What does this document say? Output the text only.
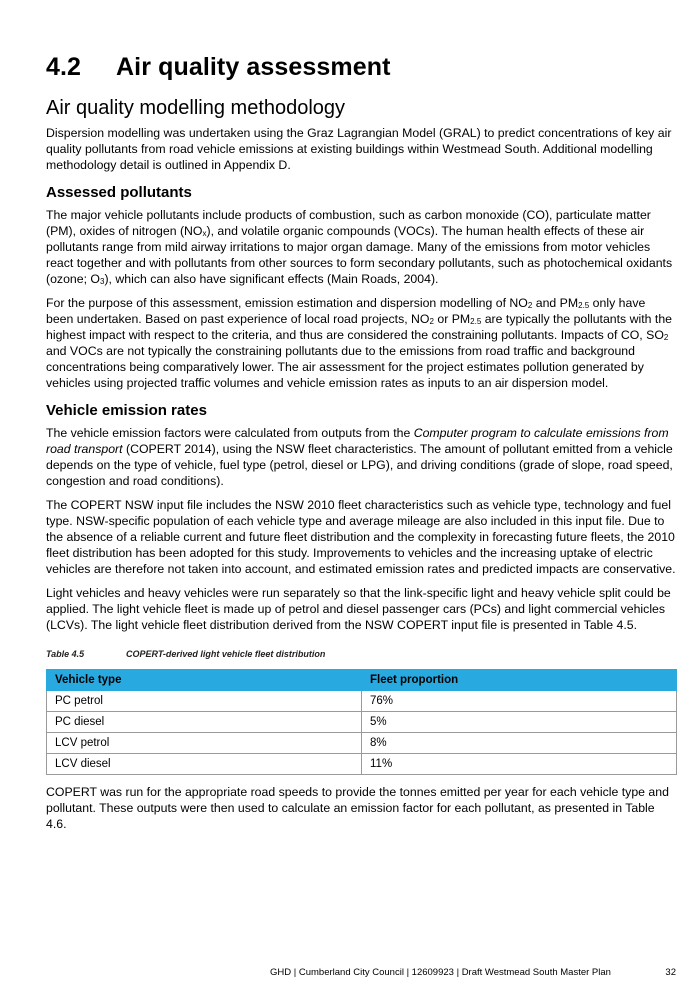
4.2	Air quality assessment
Air quality modelling methodology

Dispersion modelling was undertaken using the Graz Lagrangian Model (GRAL) to predict concentrations of key air quality pollutants from road vehicle emissions at existing buildings within Westmead South. Additional modelling methodology detail is outlined in Appendix D.

Assessed pollutants

The major vehicle pollutants include products of combustion, such as carbon monoxide (CO), particulate matter (PM), oxides of nitrogen $(NO_x)$, and volatile organic compounds (VOCs). The human health effects of these air pollutants range from mild airway irritations to major organ damage. Many of the emissions from motor vehicles react together and with pollutants from other sources to form secondary pollutants, such as photochemical oxidants (ozone; $O_3$), which can also have significant effects (Main Roads, 2004).

For the purpose of this assessment, emission estimation and dispersion modelling of $NO_2$ and $PM_{2.5}$ only have been undertaken. Based on past experience of local road projects, $NO_2$ or $PM_{2.5}$ are typically the pollutants with the highest impact with respect to the criteria, and thus are considered the constraining pollutants. Impacts of CO, $SO_2$ and VOCs are not typically the constraining pollutants due to the emissions from road traffic and background concentrations being comparatively lower. The air assessment for the project estimates pollution generated by vehicles using projected traffic volumes and vehicle emission rates as inputs to an air dispersion model.

Vehicle emission rates

The vehicle emission factors were calculated from outputs from the Computer program to calculate emissions from road transport (COPERT 2014), using the NSW fleet characteristics. The amount of pollutant emitted from a vehicle depends on the type of vehicle, fuel type (petrol, diesel or LPG), and driving conditions (grade of slope, road speed, congestion and road conditions).

The COPERT NSW input file includes the NSW 2010 fleet characteristics such as vehicle type, technology and fuel type. NSW-specific population of each vehicle type and average mileage are also included in this input file. Due to the absence of a reliable current and future fleet distribution and the complexity in forecasting future fleets, the 2010 fleet distribution has been adopted for this study. Improvements to vehicles and the increasing uptake of electric vehicles are therefore not taken into account, and estimated emission rates and predicted impacts are conservative.

Light vehicles and heavy vehicles were run separately so that the link-specific light and heavy vehicle split could be applied. The light vehicle fleet is made up of petrol and diesel passenger cars (PCs) and light commercial vehicles (LCVs). The light vehicle fleet distribution derived from the NSW COPERT input file is presented in Table 4.5.

Table 4.5	COPERT-derived light vehicle fleet distribution
Vehicle type	Fleet proportion
PC petrol	76%
PC diesel	5%
LCV petrol	8%
LCV diesel	11%

COPERT was run for the appropriate road speeds to provide the tonnes emitted per year for each vehicle type and pollutant. These outputs were then used to calculate an emission factor for each pollutant, as presented in Table 4.6.

GHD | Cumberland City Council | 12609923 | Draft Westmead South Master Plan	32
